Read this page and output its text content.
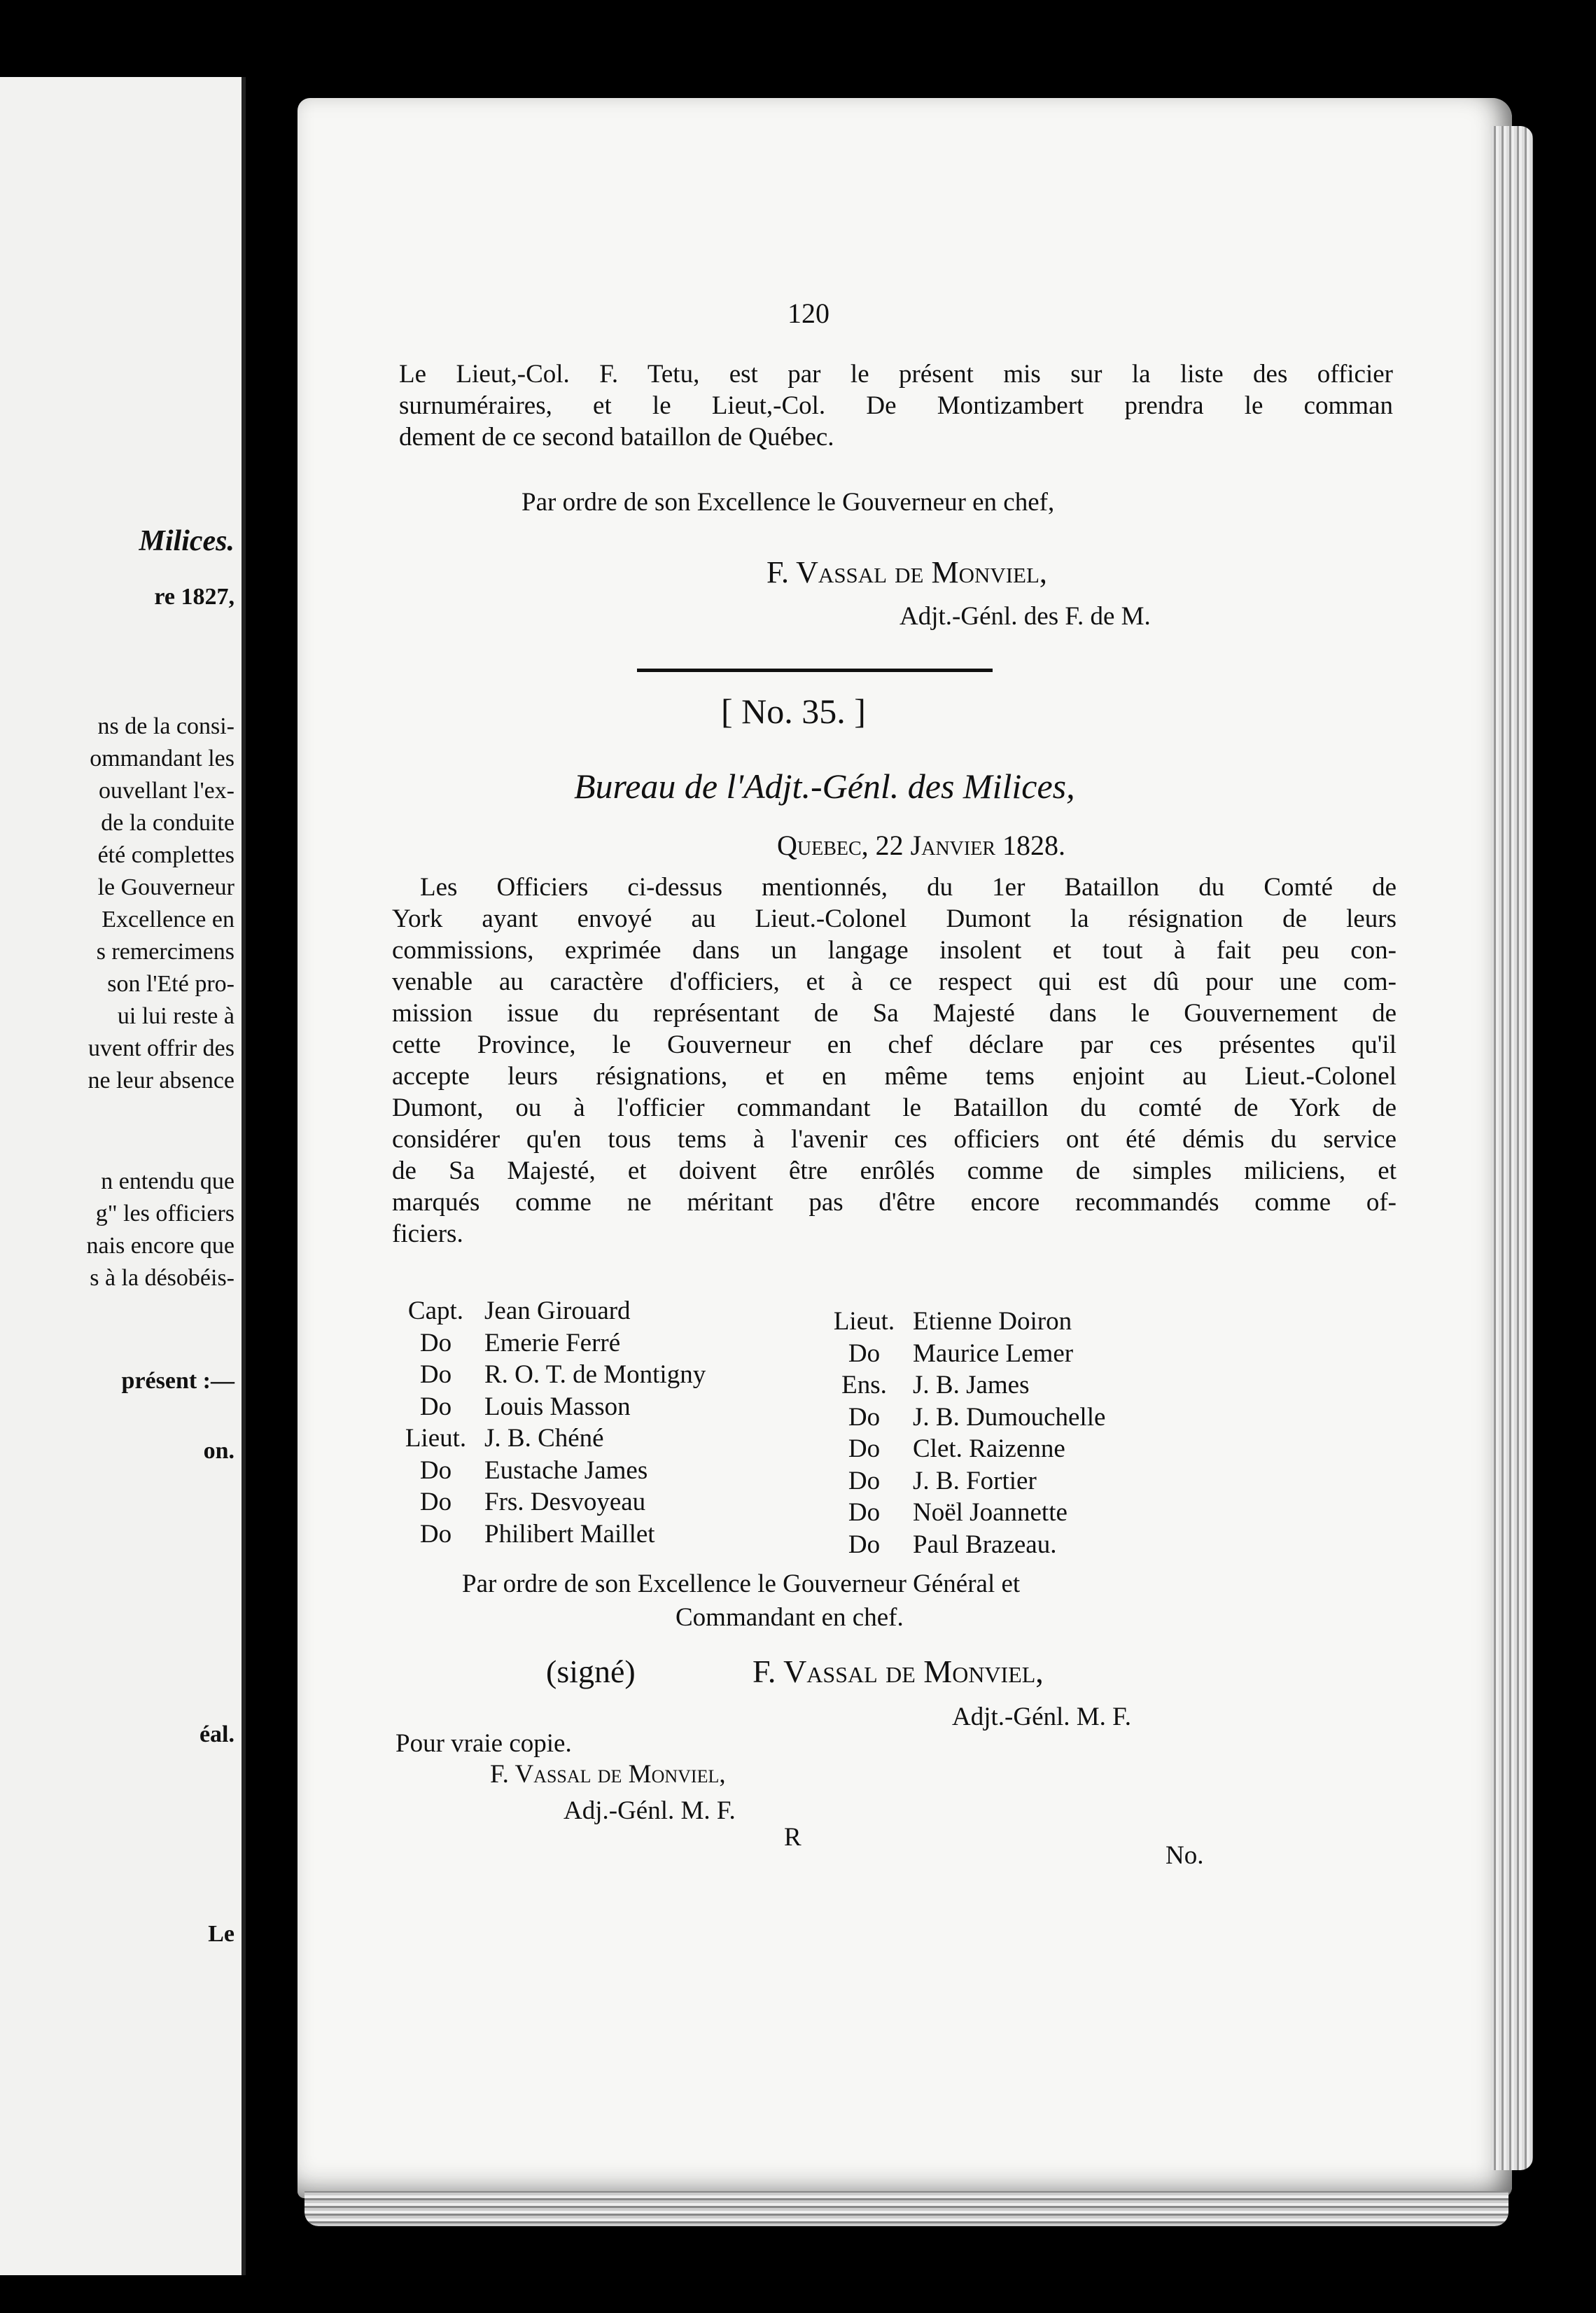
Milices.
re 1827,
ns de la consi-
ommandant les
ouvellant l'ex-
de la conduite
été complettes
le Gouverneur
Excellence en
s remercimens
son l'Eté pro-
ui lui reste à
uvent offrir des
ne leur absence
n entendu que
g" les officiers
nais encore que
s à la désobéis-
présent :—
on.
éal.
Le
120
Le Lieut,-Col. F. Tetu, est par le présent mis sur la liste des officier
surnuméraires, et le Lieut,-Col. De Montizambert prendra le comman
dement de ce second bataillon de Québec.
Par ordre de son Excellence le Gouverneur en chef,
F. Vassal de Monviel,
Adjt.-Génl. des F. de M.
[ No. 35. ]
Bureau de l'Adjt.-Génl. des Milices,
Quebec, 22 Janvier 1828.
Les Officiers ci-dessus mentionnés, du 1er Bataillon du Comté de
York ayant envoyé au Lieut.-Colonel Dumont la résignation de leurs
commissions, exprimée dans un langage insolent et tout à fait peu con-
venable au caractère d'officiers, et à ce respect qui est dû pour une com-
mission issue du représentant de Sa Majesté dans le Gouvernement de
cette Province, le Gouverneur en chef déclare par ces présentes qu'il
accepte leurs résignations, et en même tems enjoint au Lieut.-Colonel
Dumont, ou à l'officier commandant le Bataillon du comté de York de
considérer qu'en tous tems à l'avenir ces officiers ont été démis du service
de Sa Majesté, et doivent être enrôlés comme de simples miliciens, et
marqués comme ne méritant pas d'être encore recommandés comme of-
ficiers.
Capt. Jean Girouard
Do	Emerie Ferré
Do	R. O. T. de Montigny
Do	Louis Masson
Lieut. J. B. Chéné
Do	Eustache James
Do	Frs. Desvoyeau
Do	Philibert Maillet
Lieut. Etienne Doiron
Do	Maurice Lemer
Ens.	J. B. James
Do	J. B. Dumouchelle
Do	Clet. Raizenne
Do	J. B. Fortier
Do	Noël Joannette
Do	Paul Brazeau.
Par ordre de son Excellence le Gouverneur Général et
Commandant en chef.
(signé)	F. Vassal de Monviel,
Adjt.-Génl. M. F.
Pour vraie copie.
F. Vassal de Monviel,
Adj.-Génl. M. F.
R
No.
